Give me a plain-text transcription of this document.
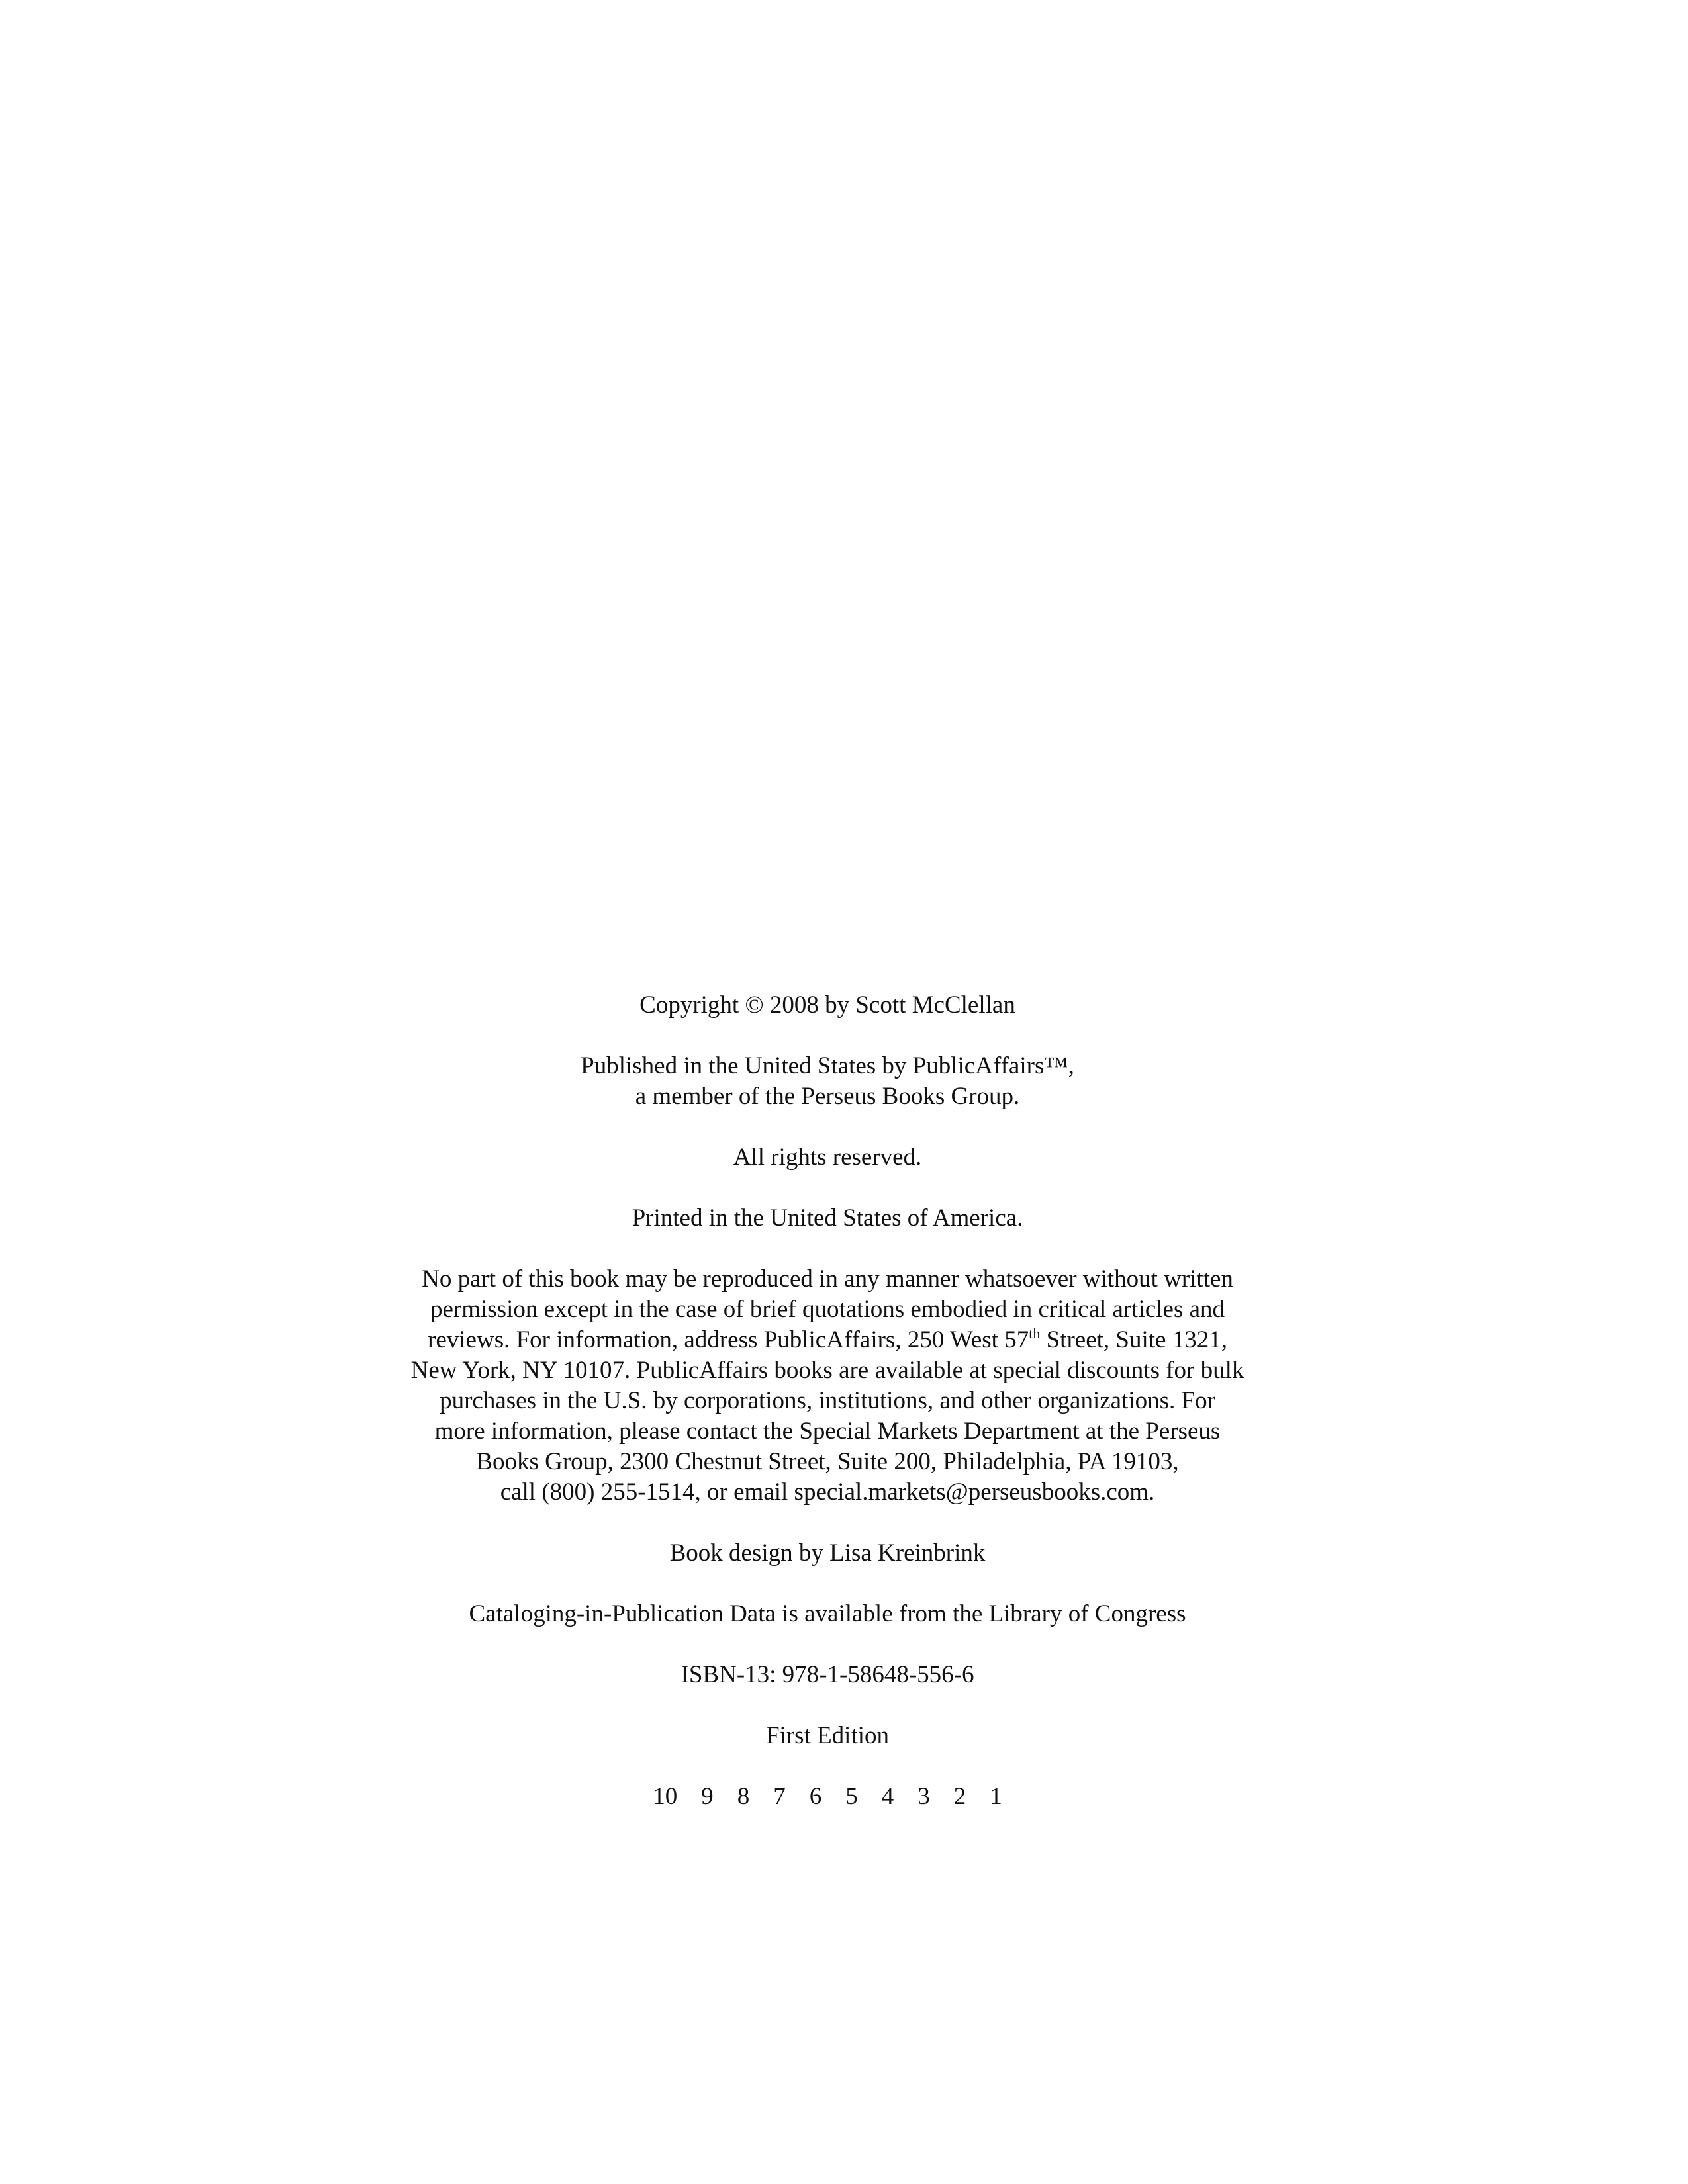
Copyright © 2008 by Scott McClellan

Published in the United States by PublicAffairs™,
a member of the Perseus Books Group.

All rights reserved.

Printed in the United States of America.

No part of this book may be reproduced in any manner whatsoever without written
permission except in the case of brief quotations embodied in critical articles and
reviews. For information, address PublicAffairs, 250 West 57th Street, Suite 1321,
New York, NY 10107. PublicAffairs books are available at special discounts for bulk
purchases in the U.S. by corporations, institutions, and other organizations. For
more information, please contact the Special Markets Department at the Perseus
Books Group, 2300 Chestnut Street, Suite 200, Philadelphia, PA 19103,
call (800) 255-1514, or email special.markets@perseusbooks.com.

Book design by Lisa Kreinbrink

Cataloging-in-Publication Data is available from the Library of Congress

ISBN-13: 978-1-58648-556-6

First Edition

10 9 8 7 6 5 4 3 2 1
